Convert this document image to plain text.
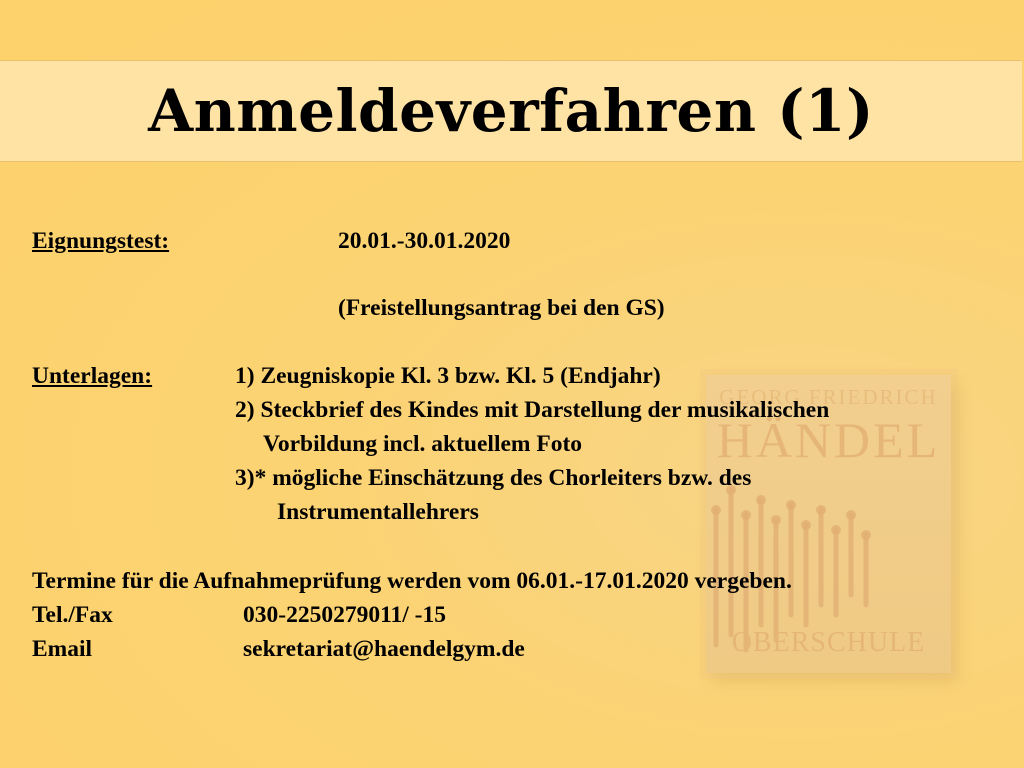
GEORG FRIEDRICH
HÄNDEL
OBERSCHULE
Anmeldeverfahren (1)
Eignungstest:	20.01.-30.01.2020
(Freistellungsantrag bei den GS)
Unterlagen:	1) Zeugniskopie Kl. 3 bzw. Kl. 5 (Endjahr)
2) Steckbrief des Kindes mit Darstellung der musikalischen
Vorbildung incl. aktuellem Foto
3)* mögliche Einschätzung des Chorleiters bzw. des
Instrumentallehrers
Termine für die Aufnahmeprüfung werden vom 06.01.-17.01.2020 vergeben.
Tel./Fax	030-2250279011/ -15
Email	sekretariat@haendelgym.de
